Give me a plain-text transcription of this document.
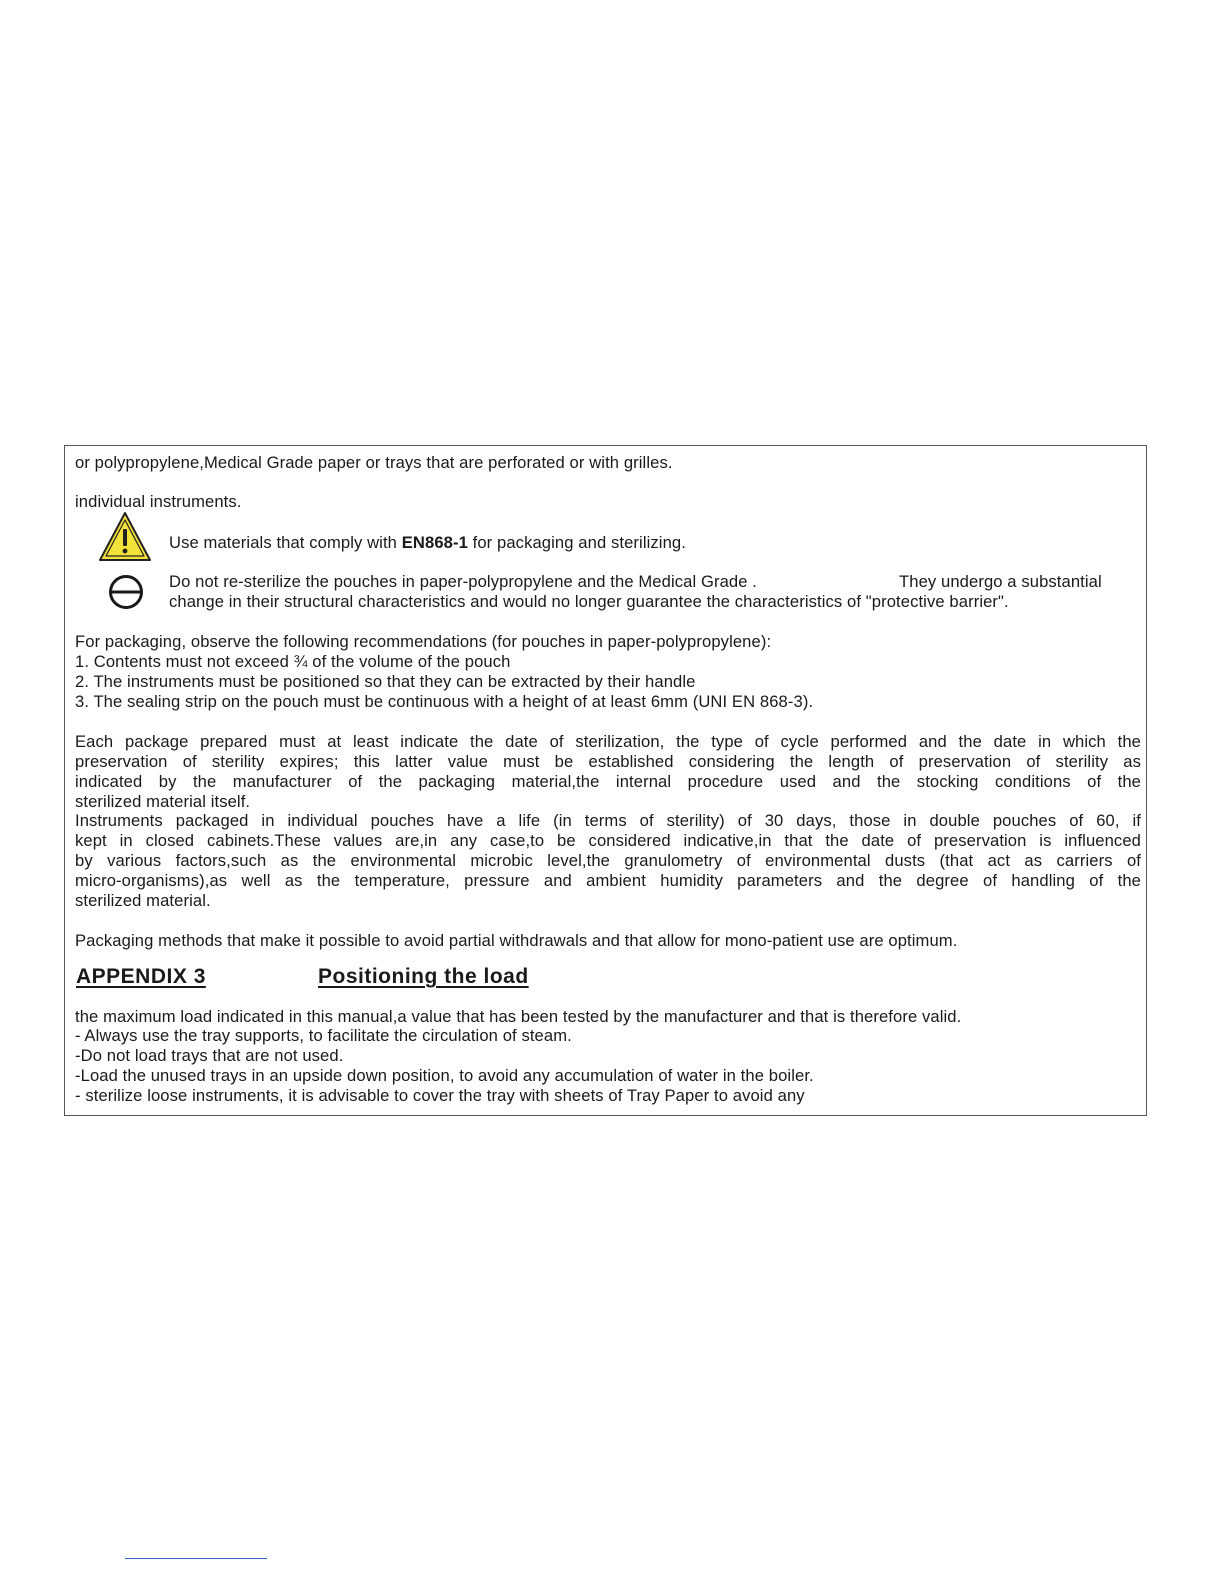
or polypropylene,Medical Grade paper or trays that are perforated or with grilles.
individual instruments.
Use materials that comply with EN868-1 for packaging and sterilizing.
Do not re-sterilize the pouches in paper-polypropylene and the Medical Grade .	They undergo a substantial
change in their structural characteristics and would no longer guarantee the characteristics of "protective barrier".
For packaging, observe the following recommendations (for pouches in paper-polypropylene):
1. Contents must not exceed ¾ of the volume of the pouch
2. The instruments must be positioned so that they can be extracted by their handle
3. The sealing strip on the pouch must be continuous with a height of at least 6mm (UNI EN 868-3).
Each package prepared must at least indicate the date of sterilization, the type of cycle performed and the date in which the
preservation of sterility expires; this latter value must be established considering the length of preservation of sterility as
indicated by the manufacturer of the packaging material,the internal procedure used and the stocking conditions of the
sterilized material itself.
Instruments packaged in individual pouches have a life (in terms of sterility) of 30 days, those in double pouches of 60, if
kept in closed cabinets.These values are,in any case,to be considered indicative,in that the date of preservation is influenced
by various factors,such as the environmental microbic level,the granulometry of environmental dusts (that act as carriers of
micro-organisms),as well as the temperature, pressure and ambient humidity parameters and the degree of handling of the
sterilized material.
Packaging methods that make it possible to avoid partial withdrawals and that allow for mono-patient use are optimum.
APPENDIX 3	Positioning the load
the maximum load indicated in this manual,a value that has been tested by the manufacturer and that is therefore valid.
- Always use the tray supports, to facilitate the circulation of steam.
-Do not load trays that are not used.
-Load the unused trays in an upside down position, to avoid any accumulation of water in the boiler.
- sterilize loose instruments, it is advisable to cover the tray with sheets of Tray Paper to avoid any
